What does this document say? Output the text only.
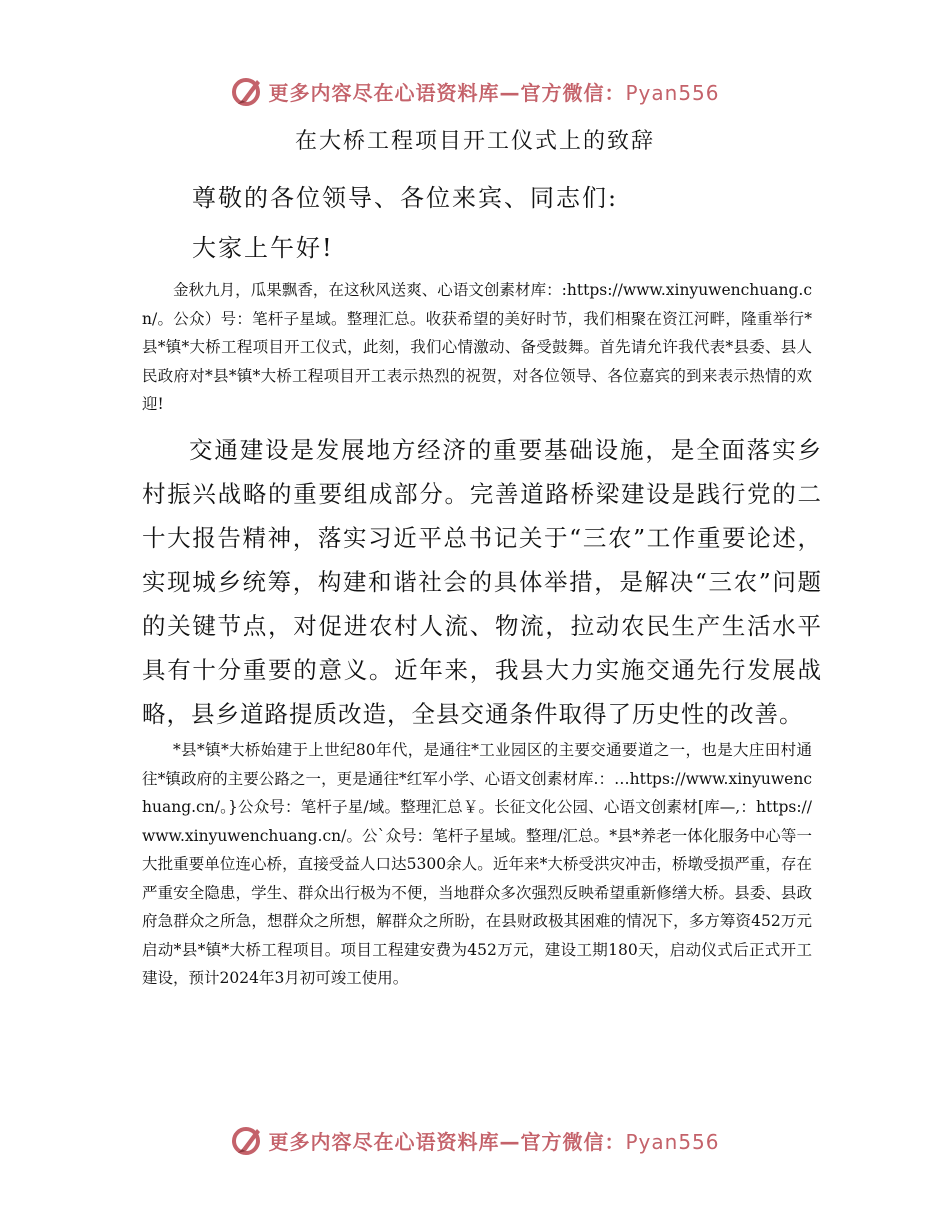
更多内容尽在心语资料库—官方微信：Pyan556
在大桥工程项目开工仪式上的致辞
尊敬的各位领导、各位来宾、同志们:
大家上午好!

金秋九月，瓜果飘香，在这秋风送爽、心语文创素材库：:https://www.xinyuwenchuang.cn/。公众）号：笔杆子星域。整理汇总。收获希望的美好时节，我们相聚在资江河畔，隆重举行*县*镇*大桥工程项目开工仪式，此刻，我们心情激动、备受鼓舞。首先请允许我代表*县委、县人民政府对*县*镇*大桥工程项目开工表示热烈的祝贺，对各位领导、各位嘉宾的到来表示热情的欢迎!

交通建设是发展地方经济的重要基础设施，是全面落实乡村振兴战略的重要组成部分。完善道路桥梁建设是践行党的二十大报告精神，落实习近平总书记关于“三农”工作重要论述，实现城乡统筹，构建和谐社会的具体举措，是解决“三农”问题的关键节点，对促进农村人流、物流，拉动农民生产生活水平具有十分重要的意义。近年来，我县大力实施交通先行发展战略，县乡道路提质改造，全县交通条件取得了历史性的改善。

*县*镇*大桥始建于上世纪80年代，是通往*工业园区的主要交通要道之一，也是大庄田村通往*镇政府的主要公路之一，更是通往*红军小学、心语文创素材库.：…https://www.xinyuwenchuang.cn/。}公众号：笔杆子星/域。整理汇总￥。长征文化公园、心语文创素材[库—,：https://www.xinyuwenchuang.cn/。公`众号：笔杆子星域。整理/汇总。*县*养老一体化服务中心等一大批重要单位连心桥，直接受益人口达5300余人。近年来*大桥受洪灾冲击，桥墩受损严重，存在严重安全隐患，学生、群众出行极为不便，当地群众多次强烈反映希望重新修缮大桥。县委、县政府急群众之所急，想群众之所想，解群众之所盼，在县财政极其困难的情况下，多方筹资452万元启动*县*镇*大桥工程项目。项目工程建安费为452万元，建设工期180天，启动仪式后正式开工建设，预计2024年3月初可竣工使用。

更多内容尽在心语资料库—官方微信：Pyan556
